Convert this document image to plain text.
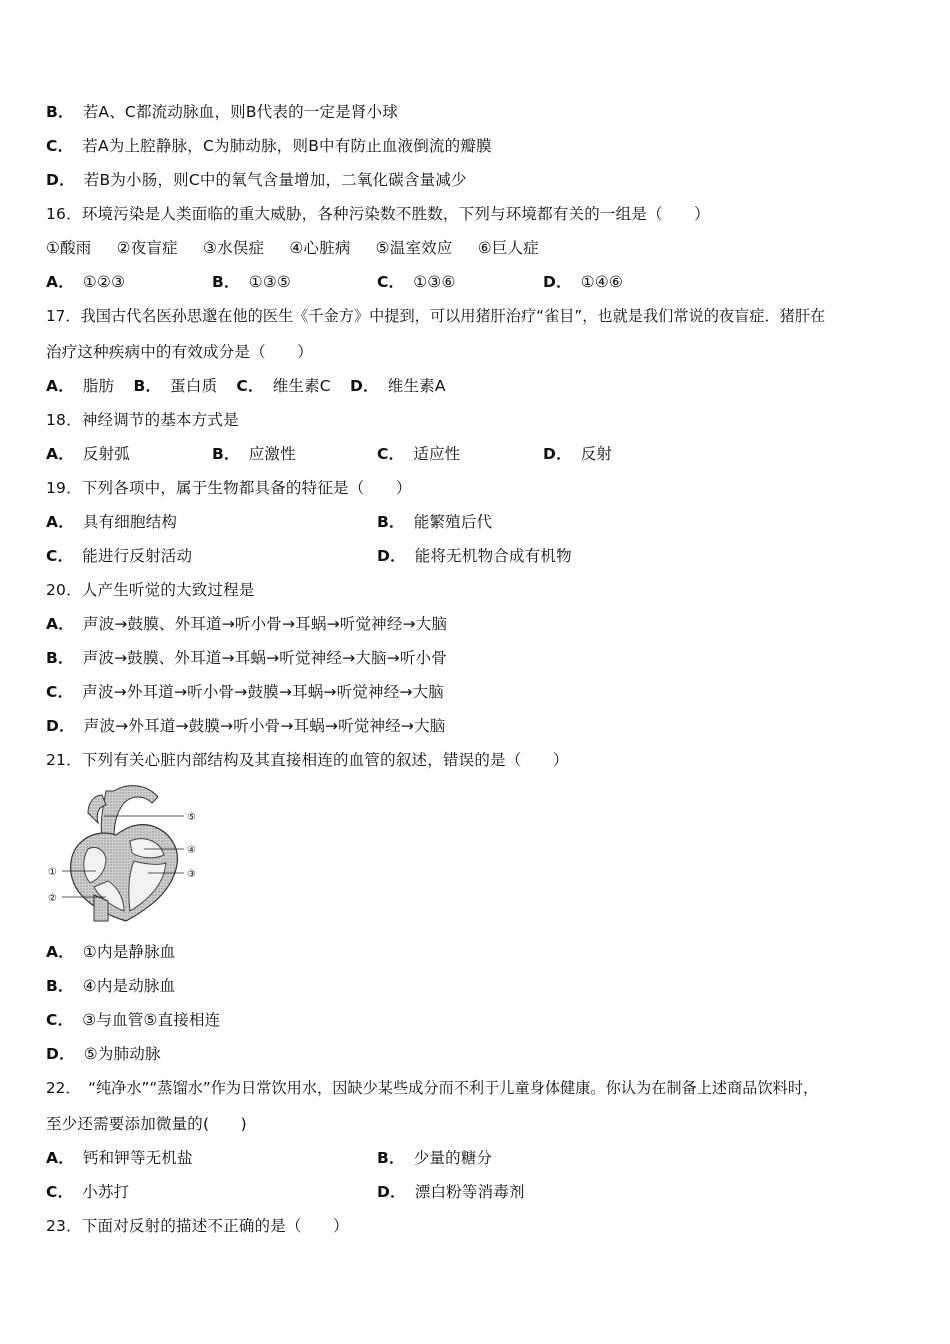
B． 若A、C都流动脉血，则B代表的一定是肾小球
C． 若A为上腔静脉，C为肺动脉，则B中有防止血液倒流的瓣膜
D． 若B为小肠，则C中的氧气含量增加，二氧化碳含量减少
16．环境污染是人类面临的重大威胁，各种污染数不胜数，下列与环境都有关的一组是（　　）
①酸雨 ②夜盲症 ③水俣症 ④心脏病 ⑤温室效应 ⑥巨人症
A． ①②③	B． ①③⑤	C． ①③⑥	D． ①④⑥
17．我国古代名医孙思邈在他的医生《千金方》中提到，可以用猪肝治疗“雀目”，也就是我们常说的夜盲症．猪肝在
治疗这种疾病中的有效成分是（　　）
A． 脂肪 B． 蛋白质 C． 维生素C D． 维生素A
18．神经调节的基本方式是
A． 反射弧	B． 应激性	C． 适应性	D． 反射
19．下列各项中，属于生物都具备的特征是（　　）
A． 具有细胞结构	B． 能繁殖后代
C． 能进行反射活动	D． 能将无机物合成有机物
20．人产生听觉的大致过程是
A． 声波→鼓膜、外耳道→听小骨→耳蜗→听觉神经→大脑
B． 声波→鼓膜、外耳道→耳蜗→听觉神经→大脑→听小骨
C． 声波→外耳道→听小骨→鼓膜→耳蜗→听觉神经→大脑
D． 声波→外耳道→鼓膜→听小骨→耳蜗→听觉神经→大脑
21．下列有关心脏内部结构及其直接相连的血管的叙述，错误的是（　　）
⑤
④
③
①
②
A． ①内是静脉血
B． ④内是动脉血
C． ③与血管⑤直接相连
D． ⑤为肺动脉
22．　“纯净水”“蒸馏水”作为日常饮用水，因缺少某些成分而不利于儿童身体健康。你认为在制备上述商品饮料时，
至少还需要添加微量的(　　)
A． 钙和钾等无机盐	B． 少量的糖分
C． 小苏打	D． 漂白粉等消毒剂
23．下面对反射的描述不正确的是（　　）
